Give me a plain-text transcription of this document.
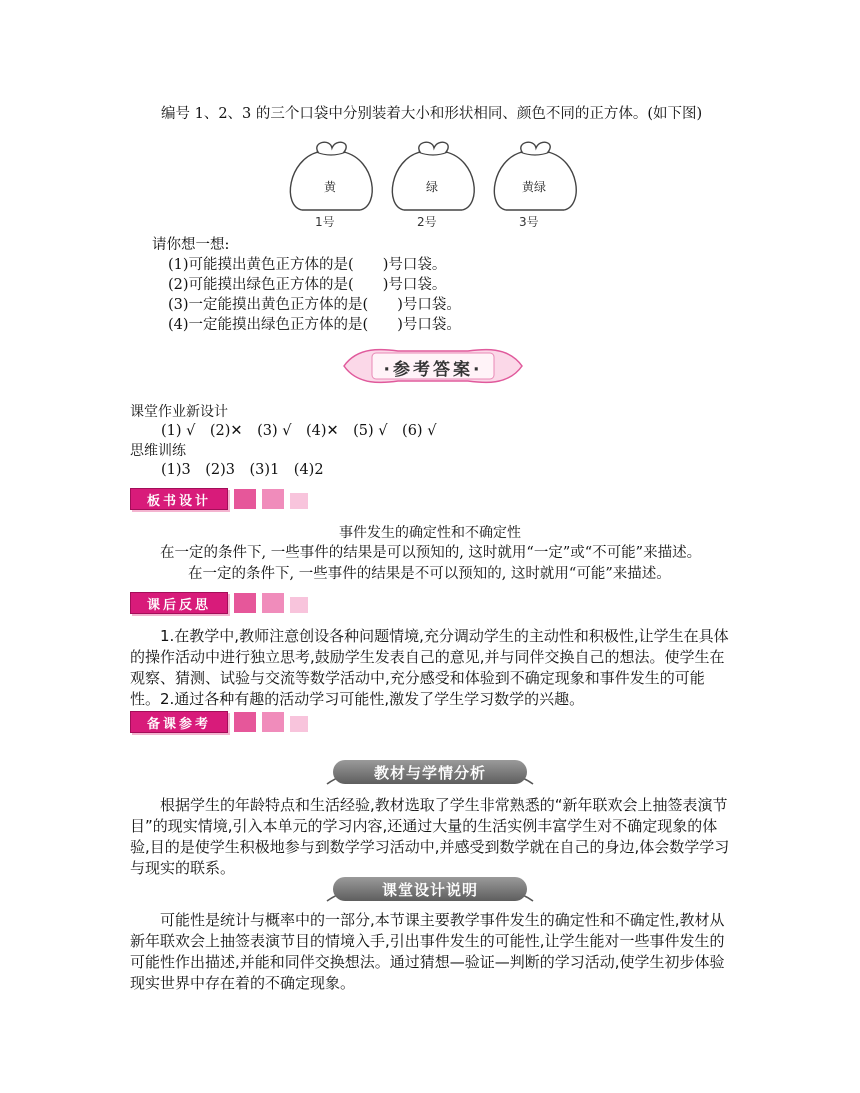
编号 1、2、3 的三个口袋中分别装着大小和形状相同、颜色不同的正方体。(如下图)
黄
1号
绿
2号
黄绿
3号
请你想一想:
(1)可能摸出黄色正方体的是(　　)号口袋。
(2)可能摸出绿色正方体的是(　　)号口袋。
(3)一定能摸出黄色正方体的是(　　)号口袋。
(4)一定能摸出绿色正方体的是(　　)号口袋。
·参考答案·
课堂作业新设计
(1) √　(2)✕　(3) √　(4)✕　(5) √　(6) √
思维训练
(1)3　(2)3　(3)1　(4)2
板书设计
事件发生的确定性和不确定性
在一定的条件下, 一些事件的结果是可以预知的, 这时就用“一定”或“不可能”来描述。
在一定的条件下, 一些事件的结果是不可以预知的, 这时就用“可能”来描述。
课后反思
1.在教学中,教师注意创设各种问题情境,充分调动学生的主动性和积极性,让学生在具体的操作活动中进行独立思考,鼓励学生发表自己的意见,并与同伴交换自己的想法。使学生在观察、猜测、试验与交流等数学活动中,充分感受和体验到不确定现象和事件发生的可能性。 2.通过各种有趣的活动学习可能性,激发了学生学习数学的兴趣。
备课参考
教材与学情分析
根据学生的年龄特点和生活经验,教材选取了学生非常熟悉的“新年联欢会上抽签表演节目”的现实情境,引入本单元的学习内容,还通过大量的生活实例丰富学生对不确定现象的体验,目的是使学生积极地参与到数学学习活动中,并感受到数学就在自己的身边,体会数学学习与现实的联系。
课堂设计说明
可能性是统计与概率中的一部分,本节课主要教学事件发生的确定性和不确定性,教材从新年联欢会上抽签表演节目的情境入手,引出事件发生的可能性,让学生能对一些事件发生的可能性作出描述,并能和同伴交换想法。通过猜想—验证—判断的学习活动,使学生初步体验现实世界中存在着的不确定现象。
